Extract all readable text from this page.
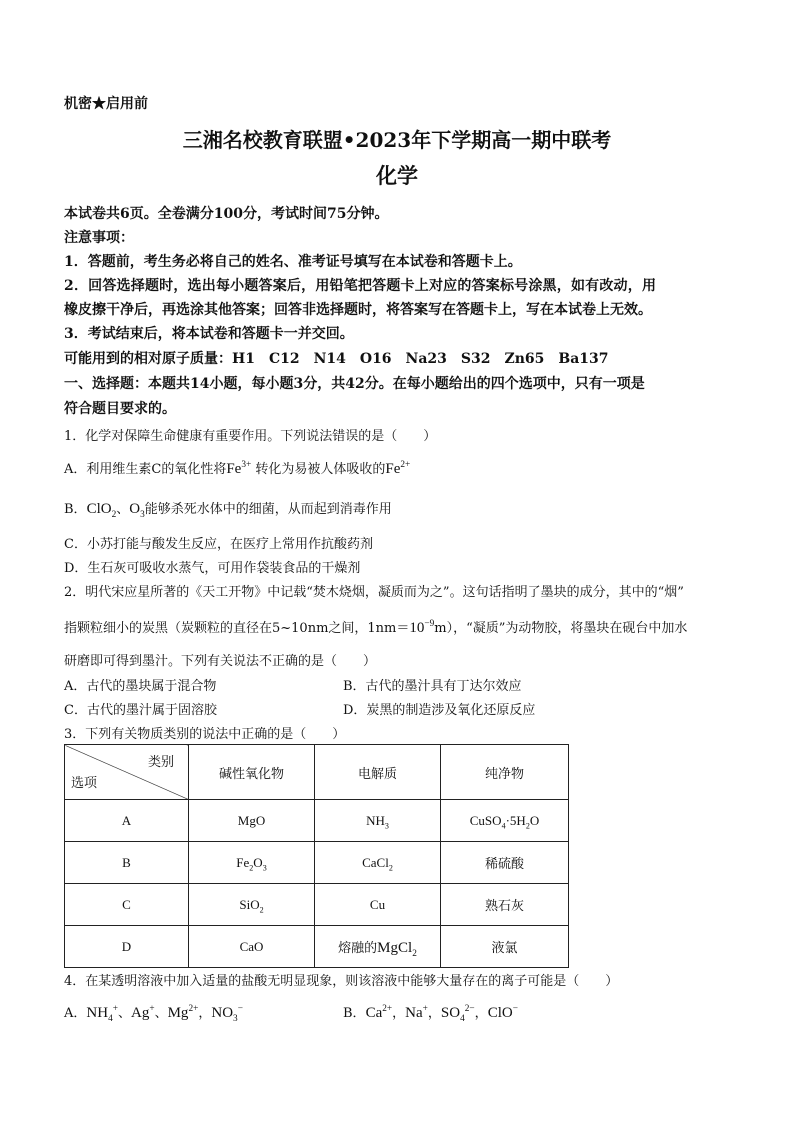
机密★启用前
三湘名校教育联盟•2023年下学期高一期中联考
化学
本试卷共6页。全卷满分100分，考试时间75分钟。
注意事项：
1．答题前，考生务必将自己的姓名、准考证号填写在本试卷和答题卡上。
2．回答选择题时，选出每小题答案后，用铅笔把答题卡上对应的答案标号涂黑，如有改动，用
橡皮擦干净后，再选涂其他答案；回答非选择题时，将答案写在答题卡上，写在本试卷上无效。
3．考试结束后，将本试卷和答题卡一并交回。
可能用到的相对原子质量：H1　C12　N14　O16　Na23　S32　Zn65　Ba137
一、选择题：本题共14小题，每小题3分，共42分。在每小题给出的四个选项中，只有一项是
符合题目要求的。
1．化学对保障生命健康有重要作用。下列说法错误的是（　　）
A．利用维生素C的氧化性将$Fe^{3+}$ 转化为易被人体吸收的$Fe^{2+}$
B．ClO$_2$、$O_3$能够杀死水体中的细菌，从而起到消毒作用
C．小苏打能与酸发生反应，在医疗上常用作抗酸药剂
D．生石灰可吸收水蒸气，可用作袋装食品的干燥剂
2．明代宋应星所著的《天工开物》中记载“焚木烧烟，凝质而为之”。这句话指明了墨块的成分，其中的“烟”
指颗粒细小的炭黑（炭颗粒的直径在5~10nm之间，$1nm=10^{-9}m$），“凝质”为动物胶，将墨块在砚台中加水
研磨即可得到墨汁。下列有关说法不正确的是（　　）
A．古代的墨块属于混合物	B．古代的墨汁具有丁达尔效应
C．古代的墨汁属于固溶胶	D．炭黑的制造涉及氧化还原反应
3．下列有关物质类别的说法中正确的是（　　）
类别
选项	碱性氧化物	电解质	纯净物
A	MgO	$NH_3$	$CuSO_4\cdot 5H_2O$
B	$Fe_2O_3$	CaCl$_2$	稀硫酸
C	SiO$_2$	Cu	熟石灰
D	CaO	熔融的MgCl$_2$	液氯
4．在某透明溶液中加入适量的盐酸无明显现象，则该溶液中能够大量存在的离子可能是（　　）
A．$NH_4^+$、Ag+、$Mg^{2+}$，$NO_3^-$	B．$Ca^{2+}$，Na+，$SO_4^{2-}$，ClO−
